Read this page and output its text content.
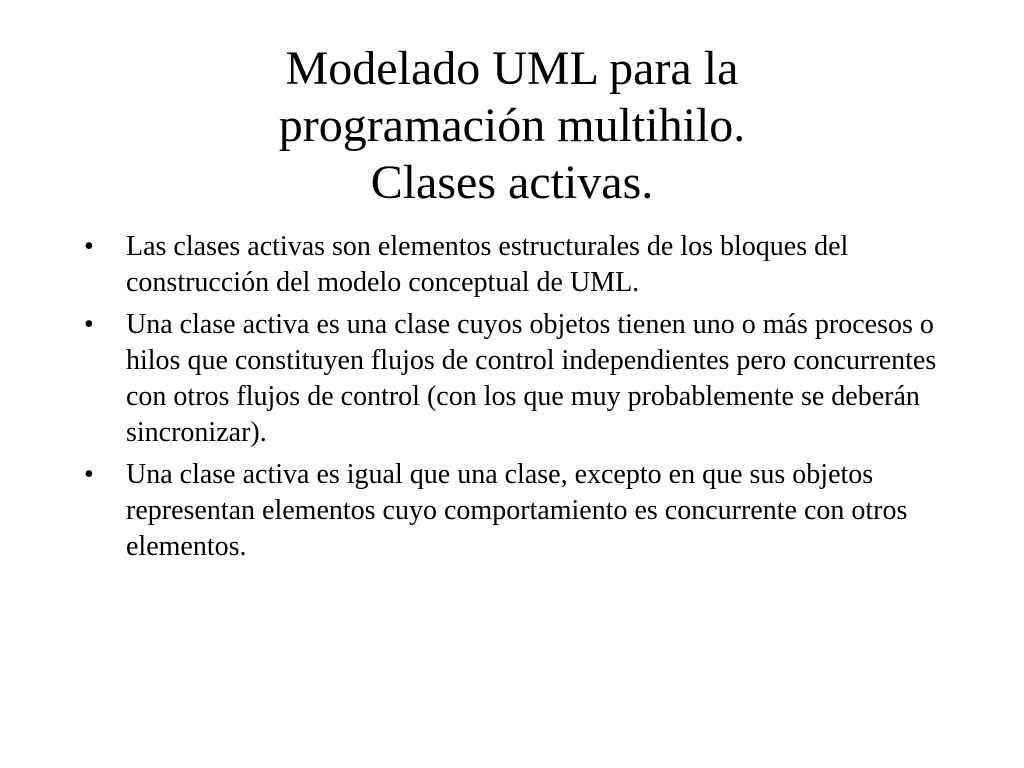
Modelado UML para la
programación multihilo.
Clases activas.
•	Las clases activas son elementos estructurales de los bloques del construcción del modelo conceptual de UML.
•	Una clase activa es una clase cuyos objetos tienen uno o más procesos o hilos que constituyen flujos de control independientes pero concurrentes con otros flujos de control (con los que muy probablemente se deberán sincronizar).
•	Una clase activa es igual que una clase, excepto en que sus objetos representan elementos cuyo comportamiento es concurrente con otros elementos.
